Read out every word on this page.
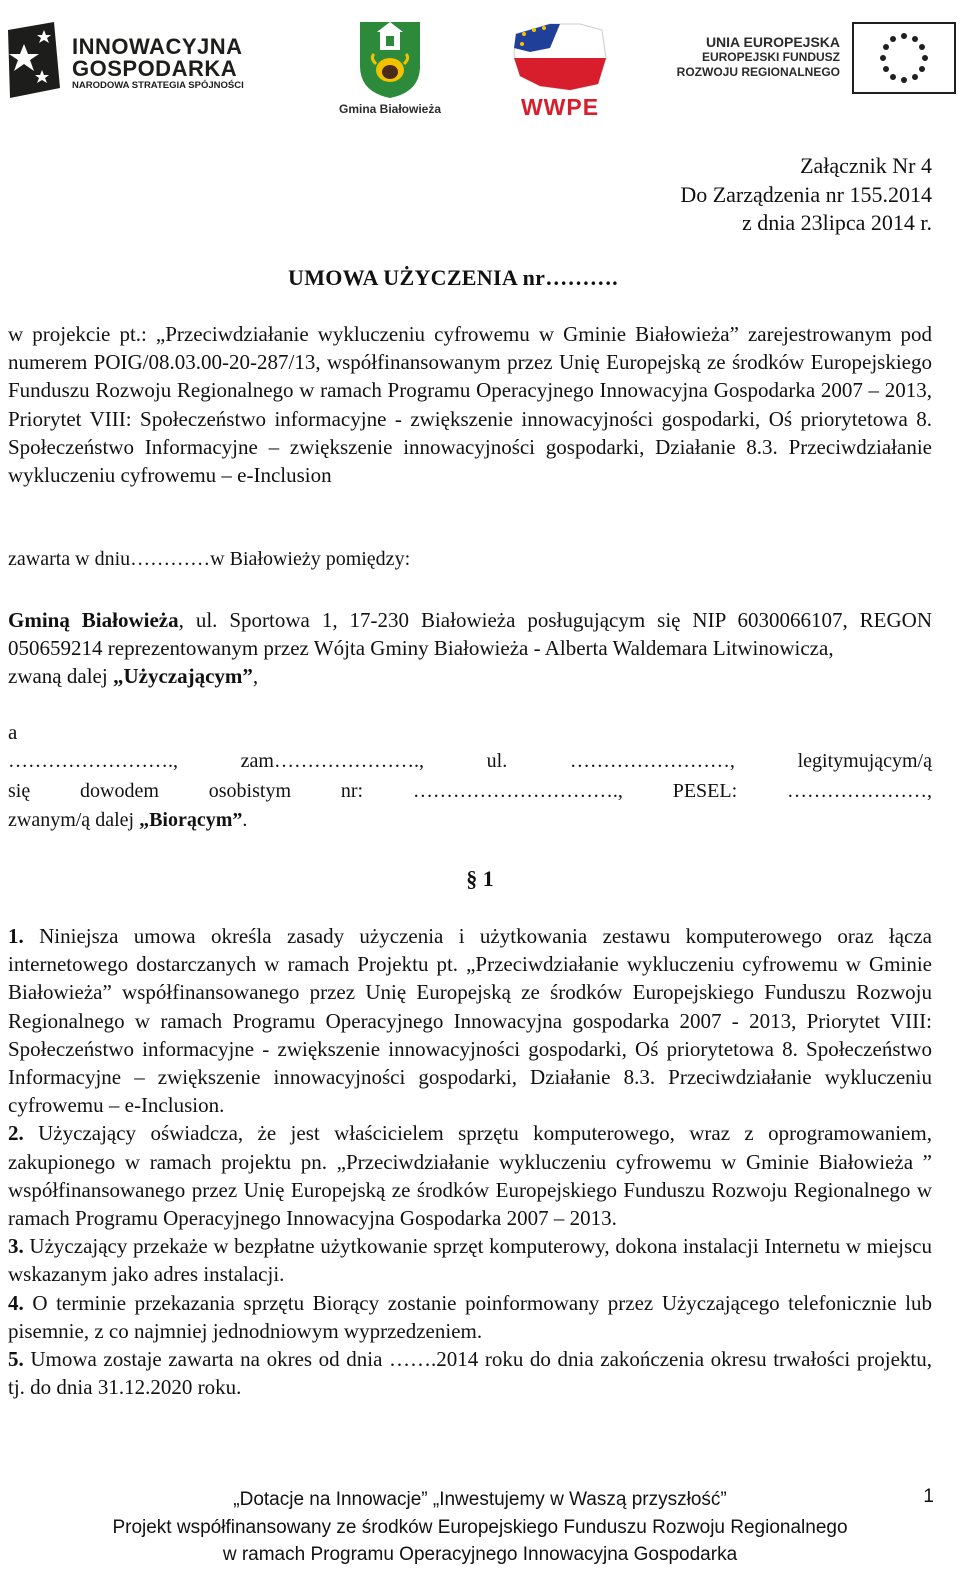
INNOWACYJNA
GOSPODARKA
NARODOWA STRATEGIA SPÓJNOŚCI
Gmina Białowieża	WWPE
UNIA EUROPEJSKA
EUROPEJSKI FUNDUSZ
ROZWOJU REGIONALNEGO
Załącznik Nr 4
Do Zarządzenia nr 155.2014
z dnia 23lipca 2014 r.
UMOWA UŻYCZENIA nr……….
w projekcie pt.: „Przeciwdziałanie wykluczeniu cyfrowemu w Gminie Białowieża” zarejestrowanym pod numerem POIG/08.03.00-20-287/13, współfinansowanym przez Unię Europejską ze środków Europejskiego Funduszu Rozwoju Regionalnego w ramach Programu Operacyjnego Innowacyjna Gospodarka 2007 – 2013, Priorytet VIII: Społeczeństwo informacyjne - zwiększenie innowacyjności gospodarki, Oś priorytetowa 8. Społeczeństwo Informacyjne – zwiększenie innowacyjności gospodarki, Działanie 8.3. Przeciwdziałanie wykluczeniu cyfrowemu – e-Inclusion
zawarta w dniu…………w Białowieży pomiędzy:
Gminą Białowieża, ul. Sportowa 1, 17-230 Białowieża posługującym się NIP 6030066107, REGON 050659214 reprezentowanym przez Wójta Gminy Białowieża - Alberta Waldemara Litwinowicza,
zwaną dalej „Użyczającym”,
a
……………………., zam…………………., ul. ……………………, legitymującym/ą
się dowodem osobistym nr: …………………………., PESEL: …………………,
zwanym/ą dalej „Biorącym”.
§ 1
1. Niniejsza umowa określa zasady użyczenia i użytkowania zestawu komputerowego oraz łącza internetowego dostarczanych w ramach Projektu pt. „Przeciwdziałanie wykluczeniu cyfrowemu w Gminie Białowieża” współfinansowanego przez Unię Europejską ze środków Europejskiego Funduszu Rozwoju Regionalnego w ramach Programu Operacyjnego Innowacyjna gospodarka 2007 - 2013, Priorytet VIII: Społeczeństwo informacyjne - zwiększenie innowacyjności gospodarki, Oś priorytetowa 8. Społeczeństwo Informacyjne – zwiększenie innowacyjności gospodarki, Działanie 8.3. Przeciwdziałanie wykluczeniu cyfrowemu – e-Inclusion.
2. Użyczający oświadcza, że jest właścicielem sprzętu komputerowego, wraz z oprogramowaniem, zakupionego w ramach projektu pn. „Przeciwdziałanie wykluczeniu cyfrowemu w Gminie Białowieża ” współfinansowanego przez Unię Europejską ze środków Europejskiego Funduszu Rozwoju Regionalnego w ramach Programu Operacyjnego Innowacyjna Gospodarka 2007 – 2013.
3. Użyczający przekaże w bezpłatne użytkowanie sprzęt komputerowy, dokona instalacji Internetu w miejscu wskazanym jako adres instalacji.
4. O terminie przekazania sprzętu Biorący zostanie poinformowany przez Użyczającego telefonicznie lub pisemnie, z co najmniej jednodniowym wyprzedzeniem.
5. Umowa zostaje zawarta na okres od dnia …….2014 roku do dnia zakończenia okresu trwałości projektu, tj. do dnia 31.12.2020 roku.
„Dotacje na Innowacje” „Inwestujemy w Waszą przyszłość”
Projekt współfinansowany ze środków Europejskiego Funduszu Rozwoju Regionalnego
w ramach Programu Operacyjnego Innowacyjna Gospodarka
1
